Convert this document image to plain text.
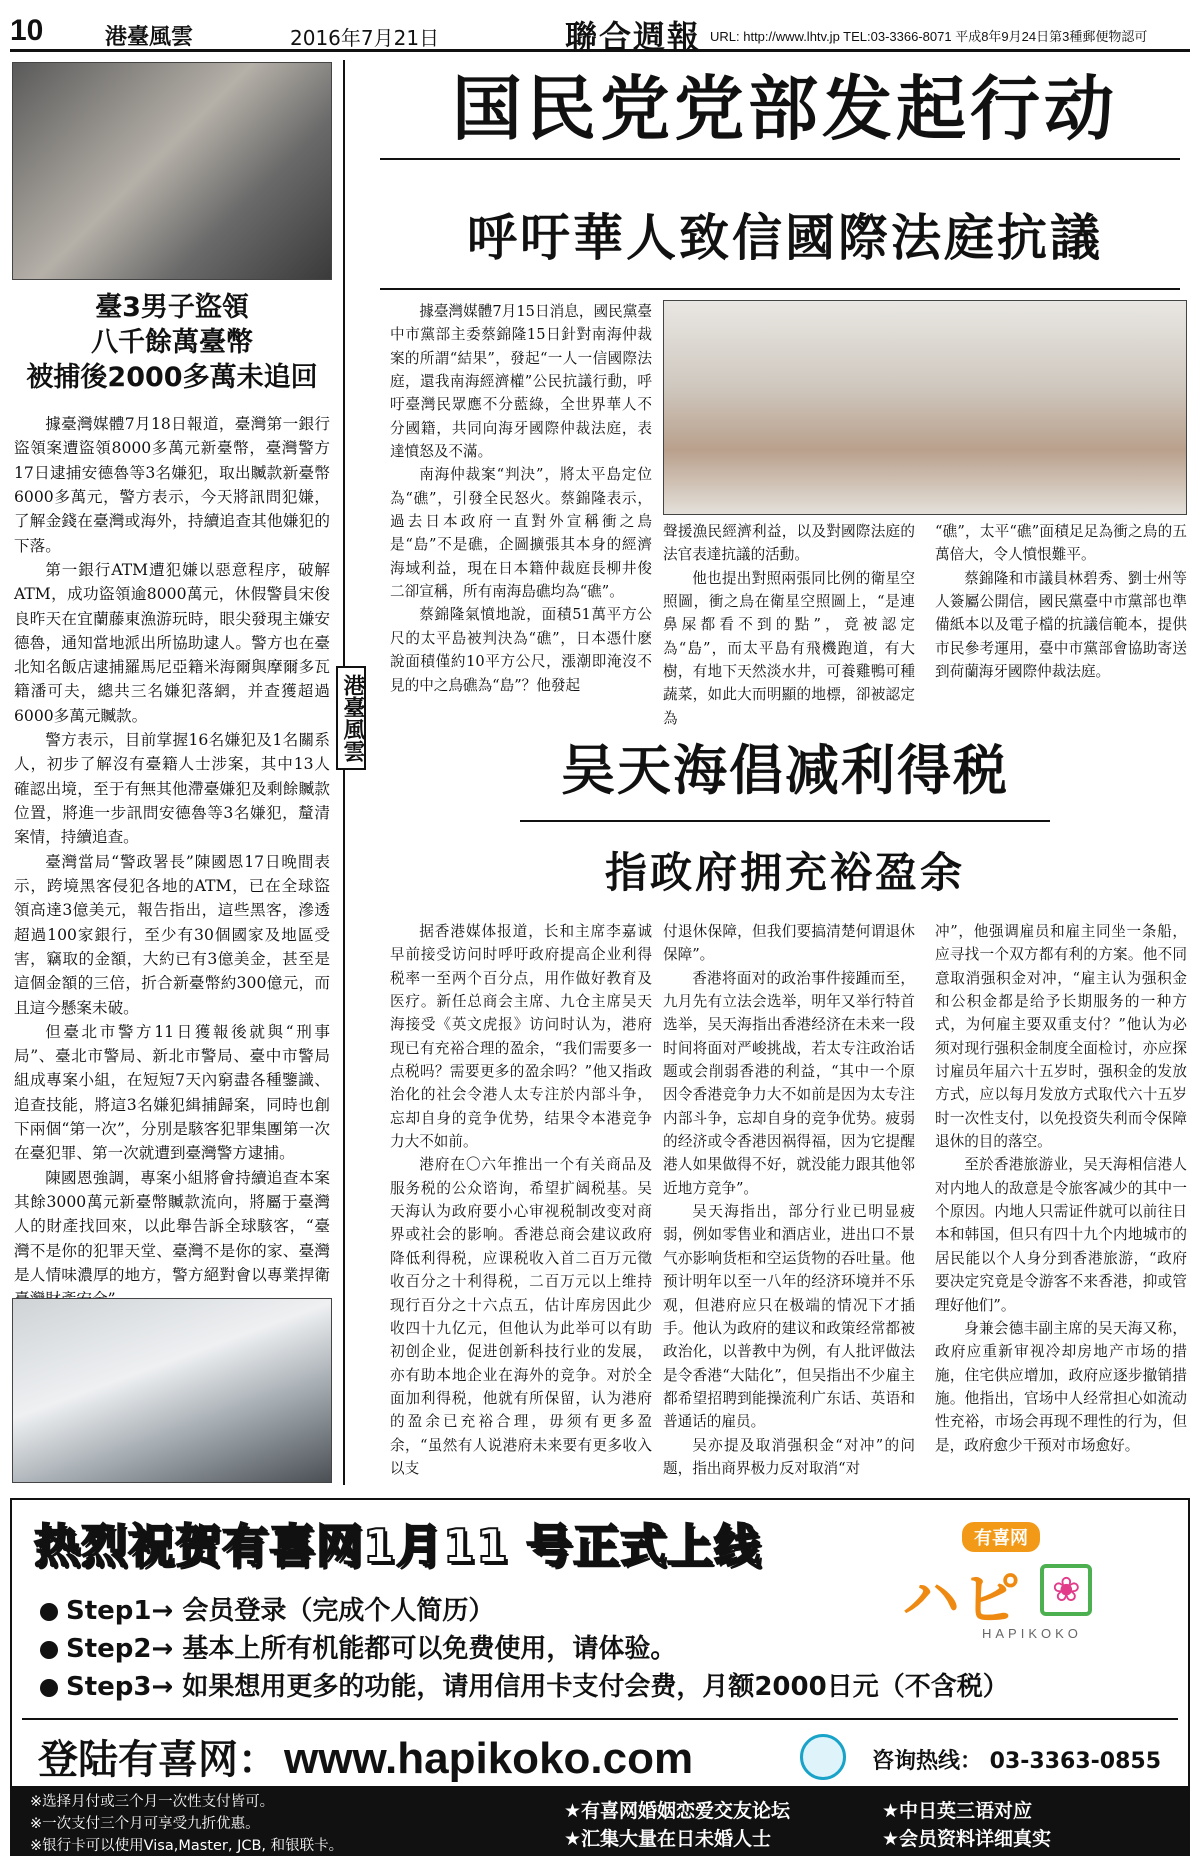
10	港臺風雲	2016年7月21日	聯合週報 URL: http://www.lhtv.jp TEL:03-3366-8071 平成8年9月24日第3種郵便物認可
臺3男子盜領
八千餘萬臺幣
被捕後2000多萬未追回

據臺灣媒體7月18日報道，臺灣第一銀行盜領案遭盜領8000多萬元新臺幣，臺灣警方17日逮捕安德魯等3名嫌犯，取出贓款新臺幣6000多萬元，警方表示，今天將訊問犯嫌，了解金錢在臺灣或海外，持續追查其他嫌犯的下落。

第一銀行ATM遭犯嫌以惡意程序，破解ATM，成功盜領逾8000萬元，休假警員宋俊良昨天在宜蘭藤東漁游玩時，眼尖發現主嫌安德魯，通知當地派出所協助逮人。警方也在臺北知名飯店逮捕羅馬尼亞籍米海爾與摩爾多瓦籍潘可夫，總共三名嫌犯落網，并查獲超過6000多萬元贓款。

警方表示，目前掌握16名嫌犯及1名關系人，初步了解沒有臺籍人士涉案，其中13人確認出境，至于有無其他滯臺嫌犯及剩餘贓款位置，將進一步訊問安德魯等3名嫌犯，釐清案情，持續追查。

臺灣當局“警政署長”陳國恩17日晚間表示，跨境黑客侵犯各地的ATM，已在全球盜領高達3億美元，報告指出，這些黑客，滲透超過100家銀行，至少有30個國家及地區受害，竊取的金額，大約已有3億美金，甚至是這個金額的三倍，折合新臺幣約300億元，而且這今懸案未破。

但臺北市警方11日獲報後就與“刑事局”、臺北市警局、新北市警局、臺中市警局組成專案小組，在短短7天內窮盡各種鑒識、追查技能，將這3名嫌犯緝捕歸案，同時也創下兩個“第一次”，分別是駭客犯罪集團第一次在臺犯罪、第一次就遭到臺灣警方逮捕。

陳國恩強調，專案小組將會持續追查本案其餘3000萬元新臺幣贓款流向，將屬于臺灣人的財產找回來，以此舉告訴全球駭客，“臺灣不是你的犯罪天堂、臺灣不是你的家、臺灣是人情味濃厚的地方，警方絕對會以專業捍衛

港臺風雲
国民党党部发起行动
呼吁華人致信國際法庭抗議

據臺灣媒體7月15日消息，國民黨臺中市黨部主委蔡錦隆15日針對南海仲裁案的所謂“結果”，發起“一人一信國際法庭，還我南海經濟權”公民抗議行動，呼吁臺灣民眾應不分藍綠，全世界華人不分國籍，共同向海牙國際仲裁法庭，表達憤怒及不滿。

南海仲裁案“判決”，將太平島定位為“礁”，引發全民怒火。蔡錦隆表示，過去日本政府一直對外宣稱衝之鳥是“島”不是礁，企圖擴張其本身的經濟海域利益，現在日本籍仲裁庭長柳井俊二卻宣稱，所有南海島礁均為“礁”。

蔡錦隆氣憤地說，面積51萬平方公尺的太平島被判決為“礁”，日本憑什麽說面積僅約10平方公尺，漲潮即淹沒不見的中之鳥礁為“島”？他發起

聲援漁民經濟利益，以及對國際法庭的法官表達抗議的活動。

他也提出對照兩張同比例的衛星空照圖，衝之鳥在衛星空照圖上，“是連鼻屎都看不到的點”，竟被認定為“島”，而太平島有飛機跑道，有大樹，有地下天然淡水井，可養雞鴨可種蔬菜，如此大而明顯的地標，卻被認定為

“礁”，太平“礁”面積足足為衝之鳥的五萬倍大，令人憤恨難平。

蔡錦隆和市議員林碧秀、劉士州等人簽屬公開信，國民黨臺中市黨部也準備紙本以及電子檔的抗議信範本，提供市民參考運用，臺中市黨部會協助寄送到荷蘭海牙國際仲裁法庭。

吴天海倡减利得税
指政府拥充裕盈余

据香港媒体报道，长和主席李嘉诚早前接受访问时呼吁政府提高企业利得税率一至两个百分点，用作做好教育及医疗。新任总商会主席、九仓主席吴天海接受《英文虎报》访问时认为，港府现已有充裕合理的盈余，“我们需要多一点税吗？需要更多的盈余吗？”他又指政治化的社会令港人太专注於内部斗争，忘却自身的竞争优势，结果令本港竞争力大不如前。

港府在〇六年推出一个有关商品及服务税的公众谘询，希望扩阔税基。吴天海认为政府要小心审视税制改变对商界或社会的影响。香港总商会建议政府降低利得税，应课税收入首二百万元徵收百分之十利得税，二百万元以上维持现行百分之十六点五，估计库房因此少收四十九亿元，但他认为此举可以有助初创企业，促进创新科技行业的发展，亦有助本地企业在海外的竞争。对於全面加利得税，他就有所保留，认为港府的盈余已充裕合理，毋须有更多盈余，“虽然有人说港府未来要有更多收入以支

付退休保障，但我们要搞清楚何谓退休保障”。

香港将面对的政治事件接踵而至，九月先有立法会选举，明年又举行特首选举，吴天海指出香港经济在未来一段时间将面对严峻挑战，若太专注政治话题或会削弱香港的利益，“其中一个原因令香港竞争力大不如前是因为太专注内部斗争，忘却自身的竞争优势。疲弱的经济或令香港因祸得福，因为它提醒港人如果做得不好，就没能力跟其他邻近地方竞争”。

吴天海指出，部分行业已明显疲弱，例如零售业和酒店业，进出口不景气亦影响货柜和空运货物的吞吐量。他预计明年以至一八年的经济环境并不乐观，但港府应只在极端的情况下才插手。他认为政府的建议和政策经常都被政治化，以普教中为例，有人批评做法是令香港“大陆化”，但吴指出不少雇主都希望招聘到能操流利广东话、英语和普通话的雇员。

吴亦提及取消强积金“对冲”的问题，指出商界极力反对取消“对

冲”，他强调雇员和雇主同坐一条船，应寻找一个双方都有利的方案。他不同意取消强积金对冲，“雇主认为强积金和公积金都是给予长期服务的一种方式，为何雇主要双重支付？”他认为必须对现行强积金制度全面检讨，亦应探讨雇员年届六十五岁时，强积金的发放方式，应以每月发放方式取代六十五岁时一次性支付，以免投资失利而令保障退休的目的落空。

至於香港旅游业，吴天海相信港人对内地人的敌意是令旅客减少的其中一个原因。内地人只需证件就可以前往日本和韩国，但只有四十九个内地城市的居民能以个人身分到香港旅游，“政府要决定究竟是令游客不来香港，抑或管理好他们”。

身兼会德丰副主席的吴天海又称，政府应重新审视冷却房地产市场的措施，住宅供应增加，政府应逐步撤销措施。他指出，官场中人经常担心如流动性充裕，市场会再现不理性的行为，但是，政府愈少干预对市场愈好。

热烈祝贺有喜网1月11 号正式上线	有喜网
ハピ ❀
HAPIKOKO
Step1→ 会员登录（完成个人简历）
Step2→ 基本上所有机能都可以免费使用，请体验。
Step3→ 如果想用更多的功能，请用信用卡支付会费，月额2000日元（不含税）
登陆有喜网： www.hapikoko.com	咨询热线： 03-3363-0855
※选择月付或三个月一次性支付皆可。
※一次支付三个月可享受九折优惠。
※银行卡可以使用Visa,Master, JCB, 和银联卡。
★有喜网婚姻恋爱交友论坛
★汇集大量在日未婚人士
★中日英三语对应
★会员资料详细真实
